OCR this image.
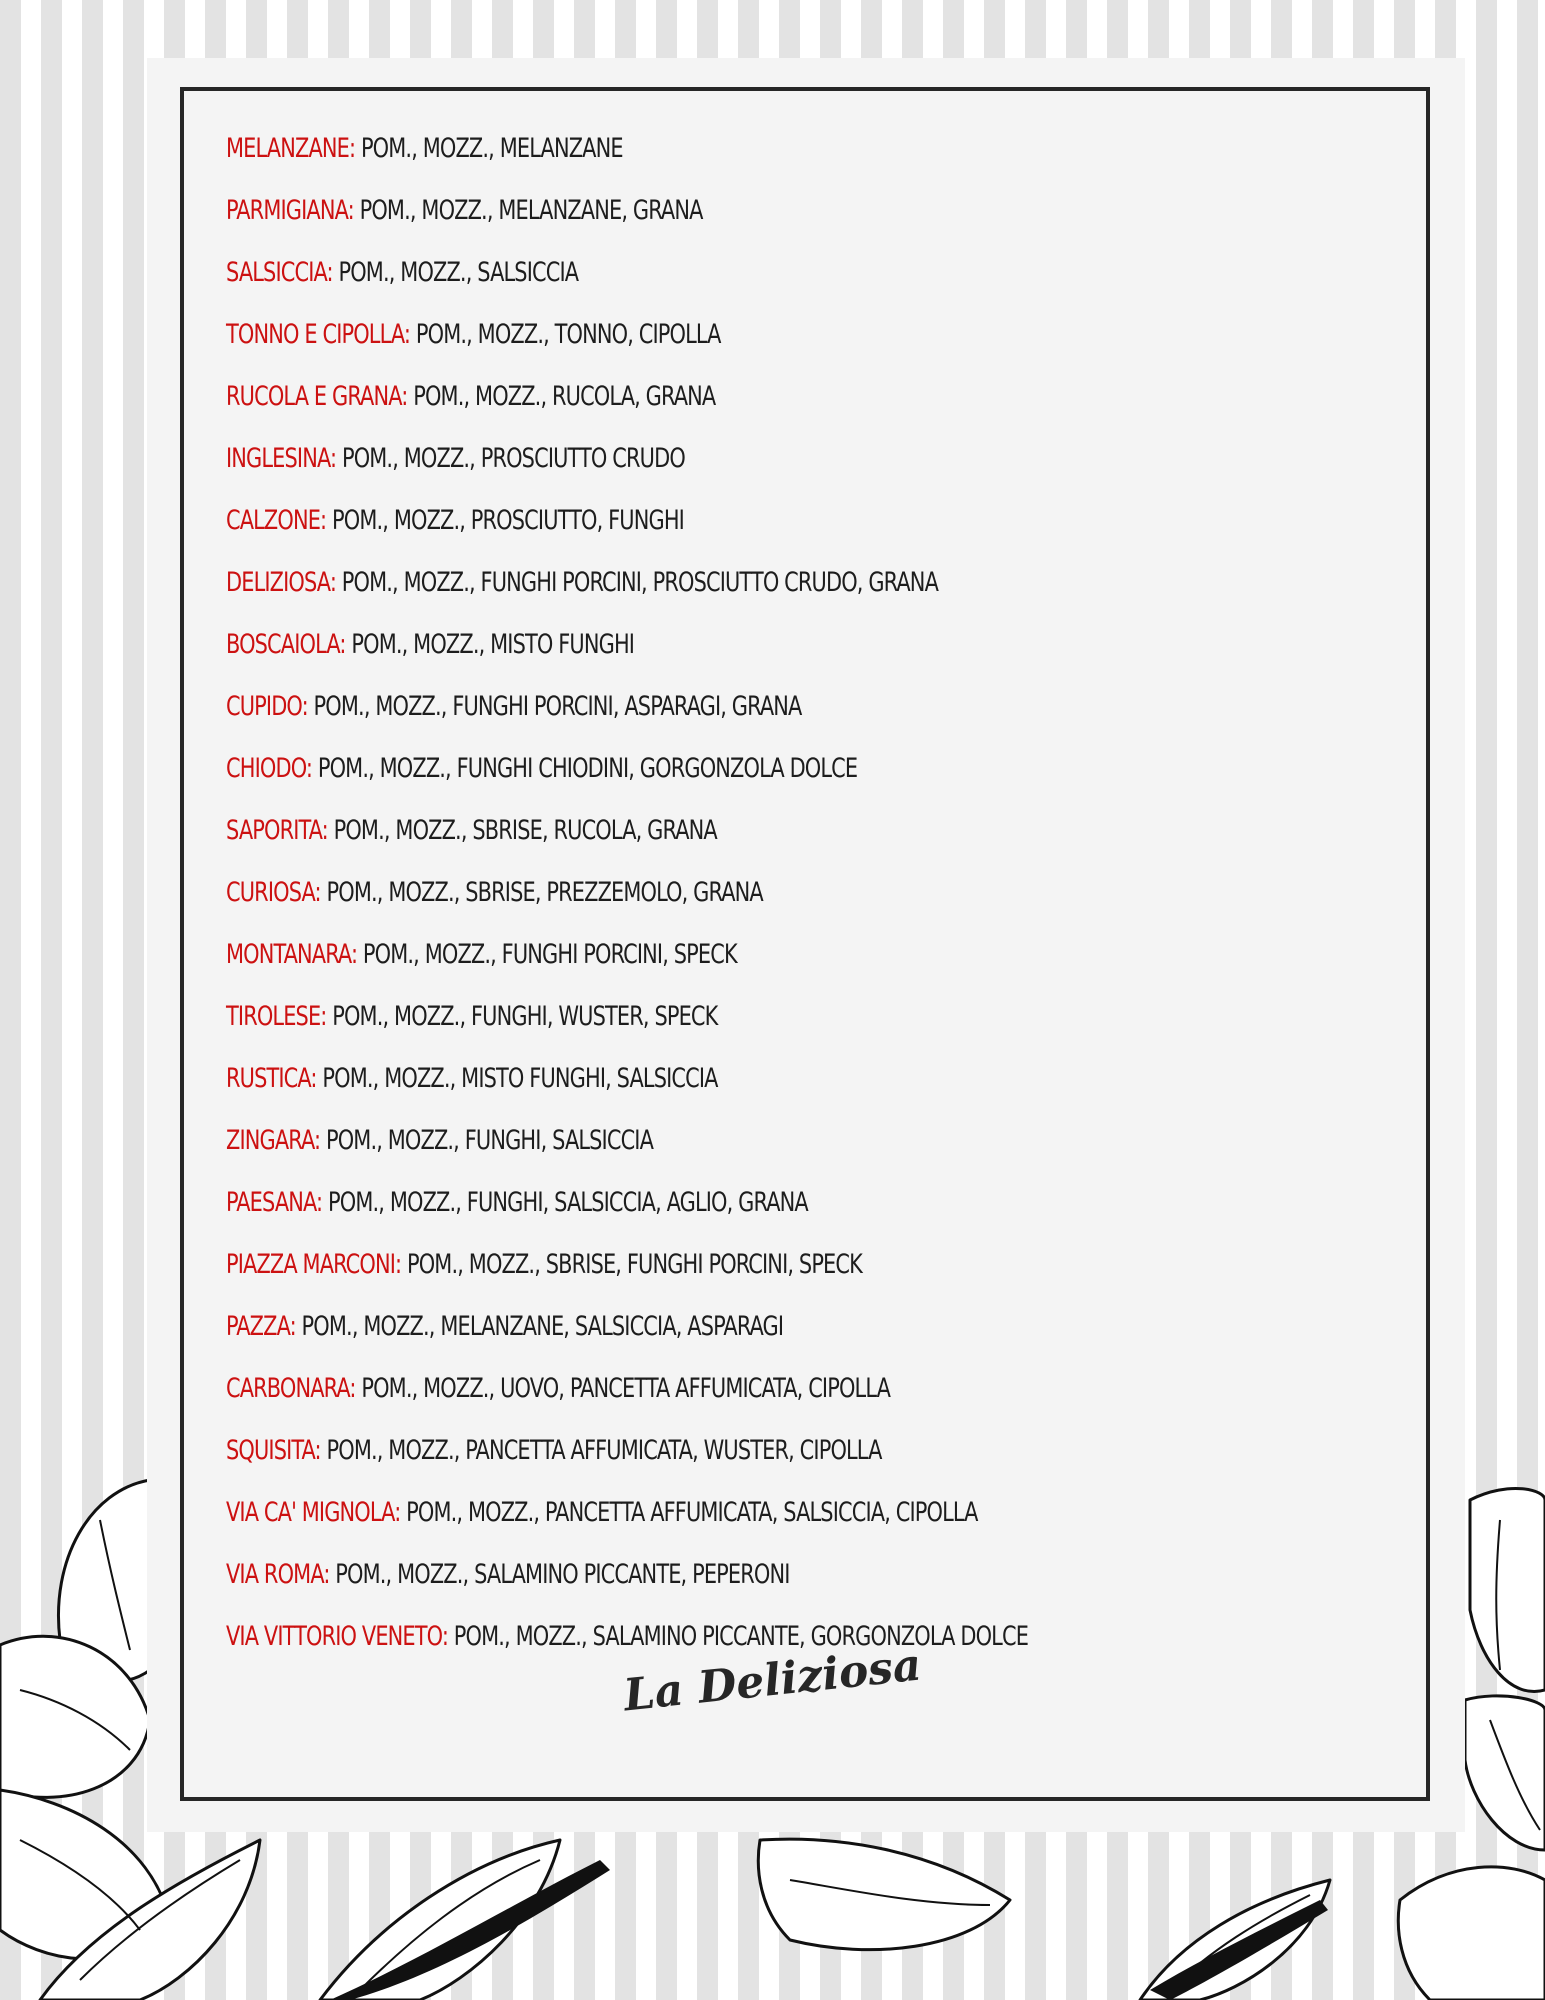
MELANZANE: POM., MOZZ., MELANZANE
PARMIGIANA: POM., MOZZ., MELANZANE, GRANA
SALSICCIA: POM., MOZZ., SALSICCIA
TONNO E CIPOLLA: POM., MOZZ., TONNO, CIPOLLA
RUCOLA E GRANA: POM., MOZZ., RUCOLA, GRANA
INGLESINA: POM., MOZZ., PROSCIUTTO CRUDO
CALZONE: POM., MOZZ., PROSCIUTTO, FUNGHI
DELIZIOSA: POM., MOZZ., FUNGHI PORCINI, PROSCIUTTO CRUDO, GRANA
BOSCAIOLA: POM., MOZZ., MISTO FUNGHI
CUPIDO: POM., MOZZ., FUNGHI PORCINI, ASPARAGI, GRANA
CHIODO: POM., MOZZ., FUNGHI CHIODINI, GORGONZOLA DOLCE
SAPORITA: POM., MOZZ., SBRISE, RUCOLA, GRANA
CURIOSA: POM., MOZZ., SBRISE, PREZZEMOLO, GRANA
MONTANARA: POM., MOZZ., FUNGHI PORCINI, SPECK
TIROLESE: POM., MOZZ., FUNGHI, WUSTER, SPECK
RUSTICA: POM., MOZZ., MISTO FUNGHI, SALSICCIA
ZINGARA: POM., MOZZ., FUNGHI, SALSICCIA
PAESANA: POM., MOZZ., FUNGHI, SALSICCIA, AGLIO, GRANA
PIAZZA MARCONI: POM., MOZZ., SBRISE, FUNGHI PORCINI, SPECK
PAZZA: POM., MOZZ., MELANZANE, SALSICCIA, ASPARAGI
CARBONARA: POM., MOZZ., UOVO, PANCETTA AFFUMICATA, CIPOLLA
SQUISITA: POM., MOZZ., PANCETTA AFFUMICATA, WUSTER, CIPOLLA
VIA CA' MIGNOLA: POM., MOZZ., PANCETTA AFFUMICATA, SALSICCIA, CIPOLLA
VIA ROMA: POM., MOZZ., SALAMINO PICCANTE, PEPERONI
VIA VITTORIO VENETO: POM., MOZZ., SALAMINO PICCANTE, GORGONZOLA DOLCE
La Deliziosa
